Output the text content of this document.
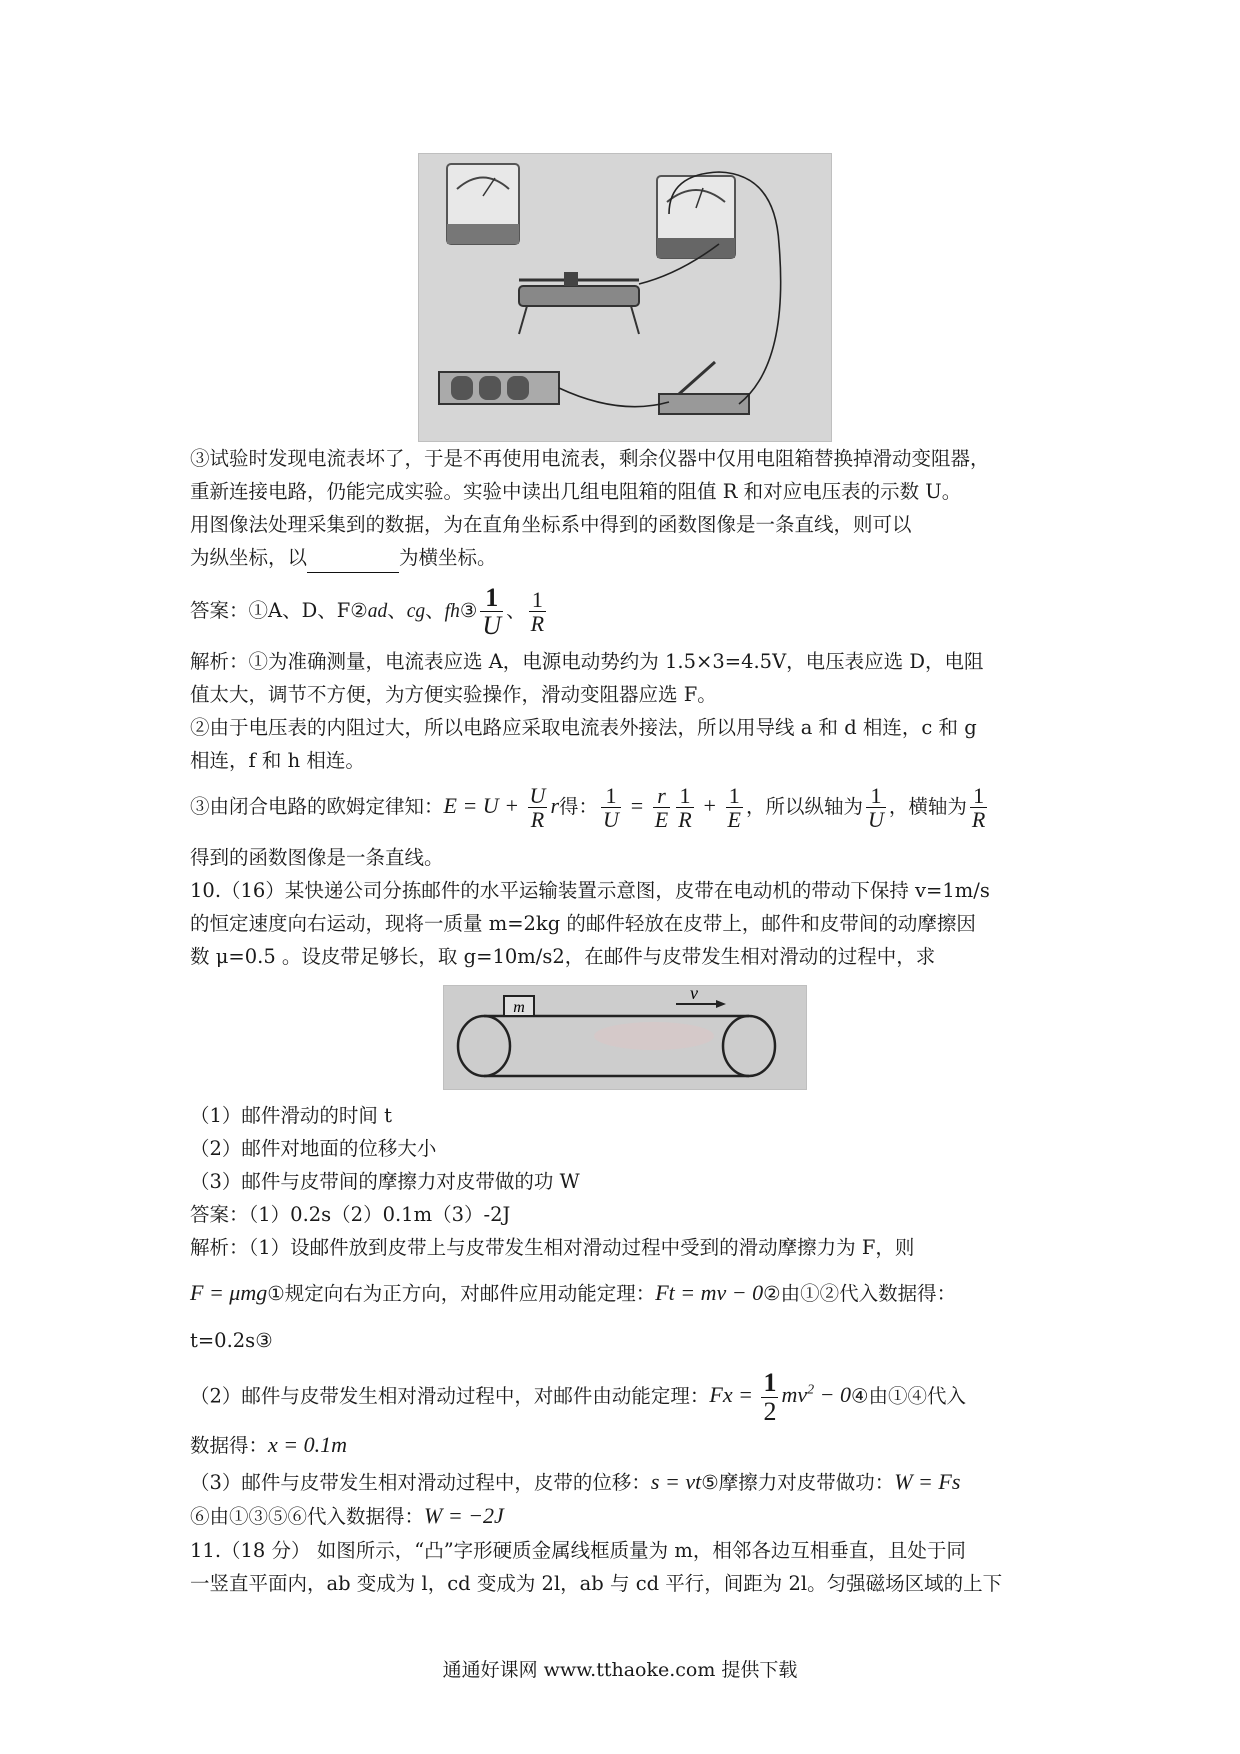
③试验时发现电流表坏了，于是不再使用电流表，剩余仪器中仅用电阻箱替换掉滑动变阻器，
重新连接电路，仍能完成实验。实验中读出几组电阻箱的阻值 R 和对应电压表的示数 U。
用图像法处理采集到的数据，为在直角坐标系中得到的函数图像是一条直线，则可以
为纵坐标，以	为横坐标。
答案：①A、D、F②ad、cg、fh③ $\frac{1}{U}$ 、 $\frac{1}{R}$
解析：①为准确测量，电流表应选 A，电源电动势约为 1.5×3=4.5V，电压表应选 D，电阻
值太大，调节不方便，为方便实验操作，滑动变阻器应选 F。
②由于电压表的内阻过大，所以电路应采取电流表外接法，所以用导线 a 和 d 相连，c 和 g
相连，f 和 h 相连。
③由闭合电路的欧姆定律知：$E = U + \frac{U}{R}$ r得： $\frac{1}{U} = \frac{r}{E} \frac{1}{R} + \frac{1}{E}$ ，所以纵轴为 $\frac{1}{U}$ ，横轴为 $\frac{1}{R}$
得到的函数图像是一条直线。
10.（16）某快递公司分拣邮件的水平运输装置示意图，皮带在电动机的带动下保持 v=1m/s
的恒定速度向右运动，现将一质量 m=2kg 的邮件轻放在皮带上，邮件和皮带间的动摩擦因
数 μ=0.5 。设皮带足够长，取 g=10m/s2，在邮件与皮带发生相对滑动的过程中，求
m
v
（1）邮件滑动的时间 t
（2）邮件对地面的位移大小
（3）邮件与皮带间的摩擦力对皮带做的功 W
答案：（1）0.2s（2）0.1m（3）-2J
解析：（1）设邮件放到皮带上与皮带发生相对滑动过程中受到的滑动摩擦力为 F，则
F = μmg①规定向右为正方向，对邮件应用动能定理：Ft = mv − 0②由①②代入数据得：
t=0.2s③
（2）邮件与皮带发生相对滑动过程中，对邮件由动能定理：$Fx = \frac{1}{2} mv^2$ − 0④由①④代入
数据得：x = 0.1m
（3）邮件与皮带发生相对滑动过程中，皮带的位移：s = vt⑤摩擦力对皮带做功：W = Fs
⑥由①③⑤⑥代入数据得：W = −2J
11.（18 分） 如图所示，“凸”字形硬质金属线框质量为 m，相邻各边互相垂直，且处于同
一竖直平面内，ab 变成为 l，cd 变成为 2l，ab 与 cd 平行，间距为 2l。匀强磁场区域的上下
通通好课网 www.tthaoke.com 提供下载
